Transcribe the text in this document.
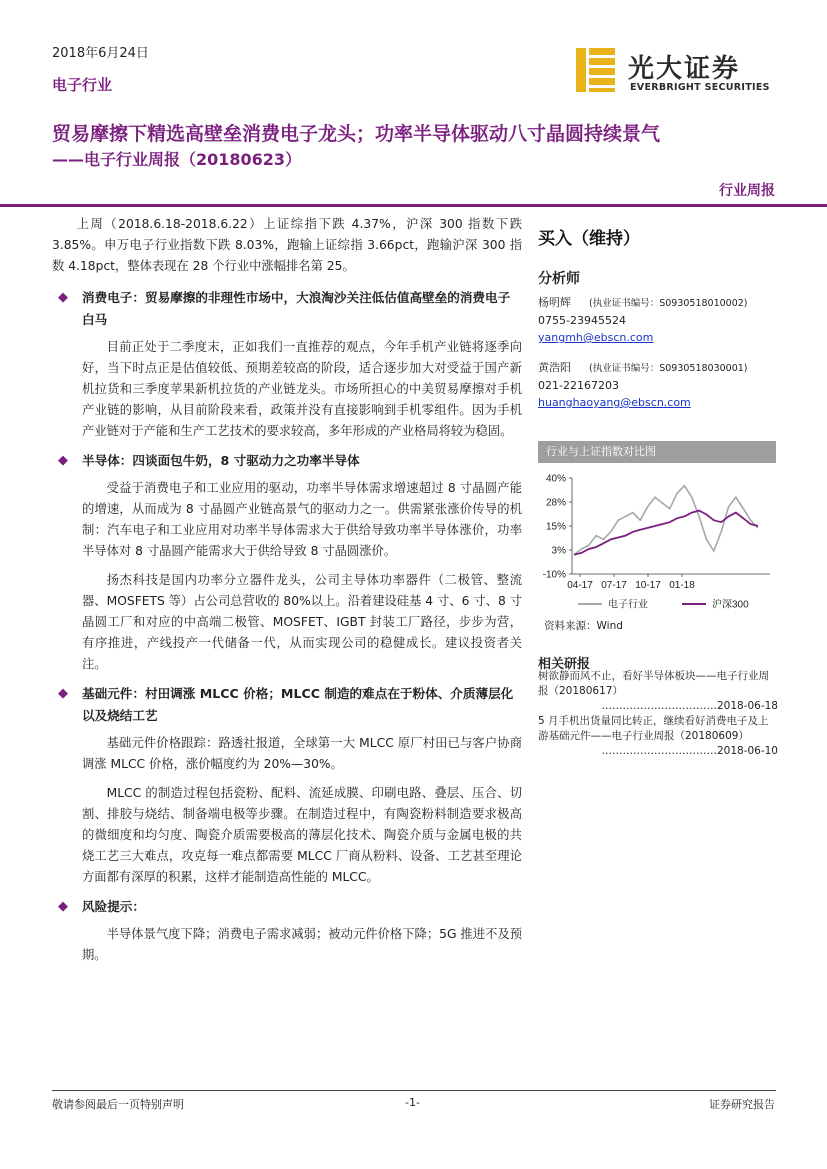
2018年6月24日
电子行业
光大证券
EVERBRIGHT SECURITIES
贸易摩擦下精选高壁垒消费电子龙头；功率半导体驱动八寸晶圆持续景气
——电子行业周报（20180623）
行业周报

上周（2018.6.18-2018.6.22）上证综指下跌 4.37%，沪深 300 指数下跌 3.85%。申万电子行业指数下跌 8.03%，跑输上证综指 3.66pct，跑输沪深 300 指数 4.18pct，整体表现在 28 个行业中涨幅排名第 25。

◆ 消费电子：贸易摩擦的非理性市场中，大浪淘沙关注低估值高壁垒的消费电子白马

目前正处于二季度末，正如我们一直推荐的观点，今年手机产业链将逐季向好，当下时点正是估值较低、预期差较高的阶段，适合逐步加大对受益于国产新机拉货和三季度苹果新机拉货的产业链龙头。市场所担心的中美贸易摩擦对手机产业链的影响，从目前阶段来看，政策并没有直接影响到手机零组件。因为手机产业链对于产能和生产工艺技术的要求较高，多年形成的产业格局将较为稳固。

◆ 半导体：四谈面包牛奶，8 寸驱动力之功率半导体

受益于消费电子和工业应用的驱动，功率半导体需求增速超过 8 寸晶圆产能的增速，从而成为 8 寸晶圆产业链高景气的驱动力之一。供需紧张涨价传导的机制：汽车电子和工业应用对功率半导体需求大于供给导致功率半导体涨价，功率半导体对 8 寸晶圆产能需求大于供给导致 8 寸晶圆涨价。

扬杰科技是国内功率分立器件龙头，公司主导体功率器件（二极管、整流器、MOSFETS 等）占公司总营收的 80%以上。沿着建设硅基 4 寸、6 寸、8 寸晶圆工厂和对应的中高端二极管、MOSFET、IGBT 封装工厂路径，步步为营，有序推进，产线投产一代储备一代，从而实现公司的稳健成长。建议投资者关注。

◆ 基础元件：村田调涨 MLCC 价格；MLCC 制造的难点在于粉体、介质薄层化以及烧结工艺

基础元件价格跟踪：路透社报道，全球第一大 MLCC 原厂村田已与客户协商调涨 MLCC 价格，涨价幅度约为 20%—30%。

MLCC 的制造过程包括瓷粉、配料、流延成膜、印刷电路、叠层、压合、切割、排胶与烧结、制备端电极等步骤。在制造过程中，有陶瓷粉料制造要求极高的微细度和均匀度、陶瓷介质需要极高的薄层化技术、陶瓷介质与金属电极的共烧工艺三大难点，攻克每一难点都需要 MLCC 厂商从粉料、设备、工艺甚至理论方面都有深厚的积累，这样才能制造高性能的 MLCC。

◆ 风险提示：

半导体景气度下降；消费电子需求减弱；被动元件价格下降；5G 推进不及预期。

买入（维持）
分析师
杨明辉 (执业证书编号：S0930518010002)
0755-23945524
yangmh@ebscn.com
黄浩阳 (执业证书编号：S0930518030001)
021-22167203
huanghaoyang@ebscn.com
行业与上证指数对比图
40%
28%
15%
3%
-10%
04-17 07-17 10-17 01-18
电子行业	沪深300
资料来源：Wind
相关研报
树欲静而风不止，看好半导体板块——电子行业周报（20180617）
……………………………2018-06-18
5 月手机出货量同比转正，继续看好消费电子及上游基础元件——电子行业周报（20180609）
……………………………2018-06-10
敬请参阅最后一页特别声明	-1-	证券研究报告
